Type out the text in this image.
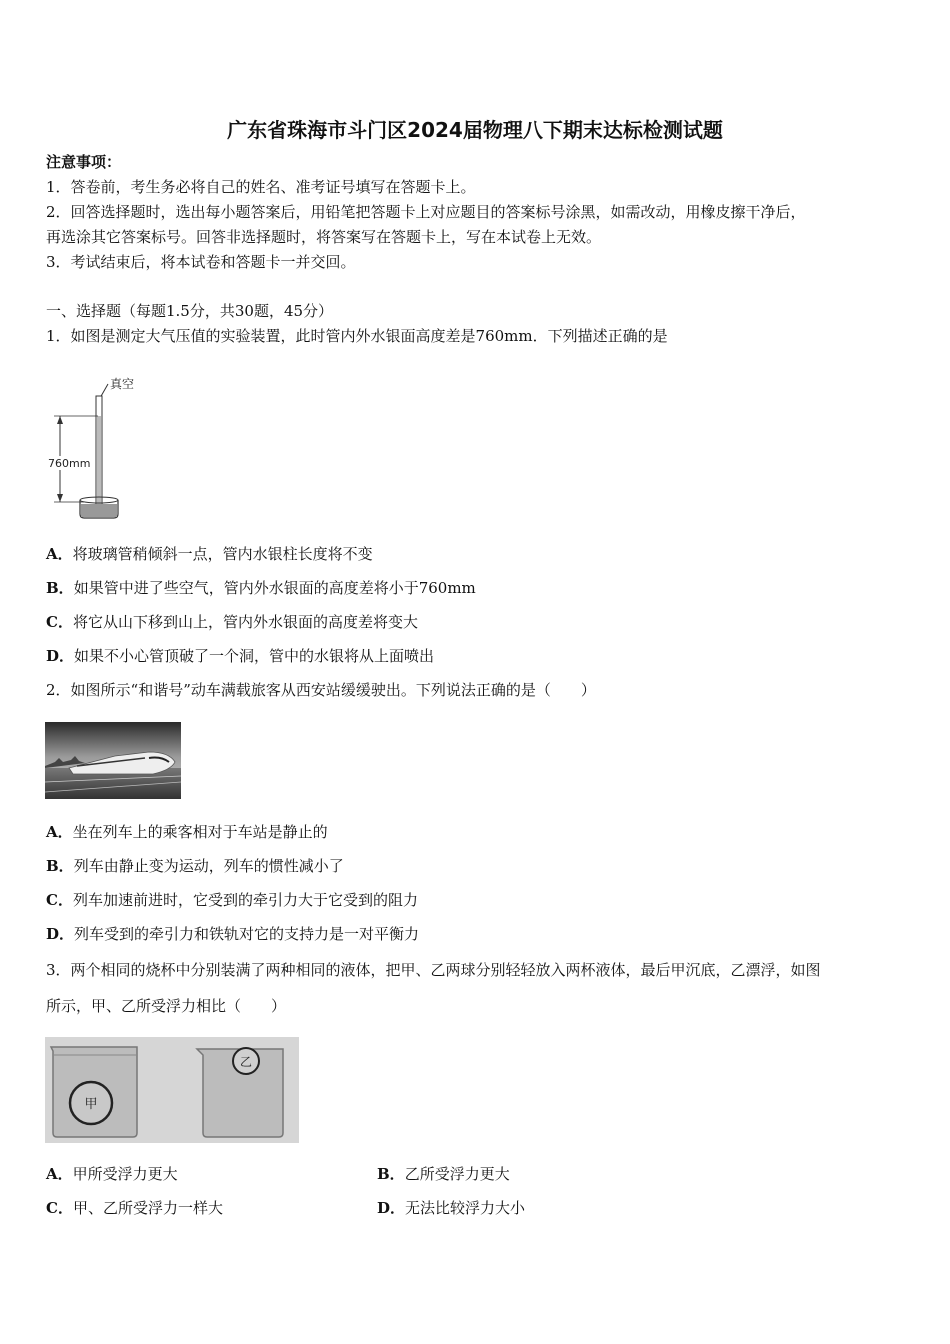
广东省珠海市斗门区2024届物理八下期末达标检测试题
注意事项：
1．答卷前，考生务必将自己的姓名、准考证号填写在答题卡上。
2．回答选择题时，选出每小题答案后，用铅笔把答题卡上对应题目的答案标号涂黑，如需改动，用橡皮擦干净后，
再选涂其它答案标号。回答非选择题时，将答案写在答题卡上，写在本试卷上无效。
3．考试结束后，将本试卷和答题卡一并交回。
一、选择题（每题1.5分，共30题，45分）
1．如图是测定大气压值的实验装置，此时管内外水银面高度差是760mm．下列描述正确的是
真空
760mm
A．将玻璃管稍倾斜一点，管内水银柱长度将不变
B．如果管中进了些空气，管内外水银面的高度差将小于760mm
C．将它从山下移到山上，管内外水银面的高度差将变大
D．如果不小心管顶破了一个洞，管中的水银将从上面喷出
2．如图所示“和谐号”动车满载旅客从西安站缓缓驶出。下列说法正确的是（　　）
A．坐在列车上的乘客相对于车站是静止的
B．列车由静止变为运动，列车的惯性减小了
C．列车加速前进时，它受到的牵引力大于它受到的阻力
D．列车受到的牵引力和铁轨对它的支持力是一对平衡力
3．两个相同的烧杯中分别装满了两种相同的液体，把甲、乙两球分别轻轻放入两杯液体，最后甲沉底，乙漂浮，如图
所示，甲、乙所受浮力相比（　　）
甲
乙
A．甲所受浮力更大	B．乙所受浮力更大
C．甲、乙所受浮力一样大	D．无法比较浮力大小
